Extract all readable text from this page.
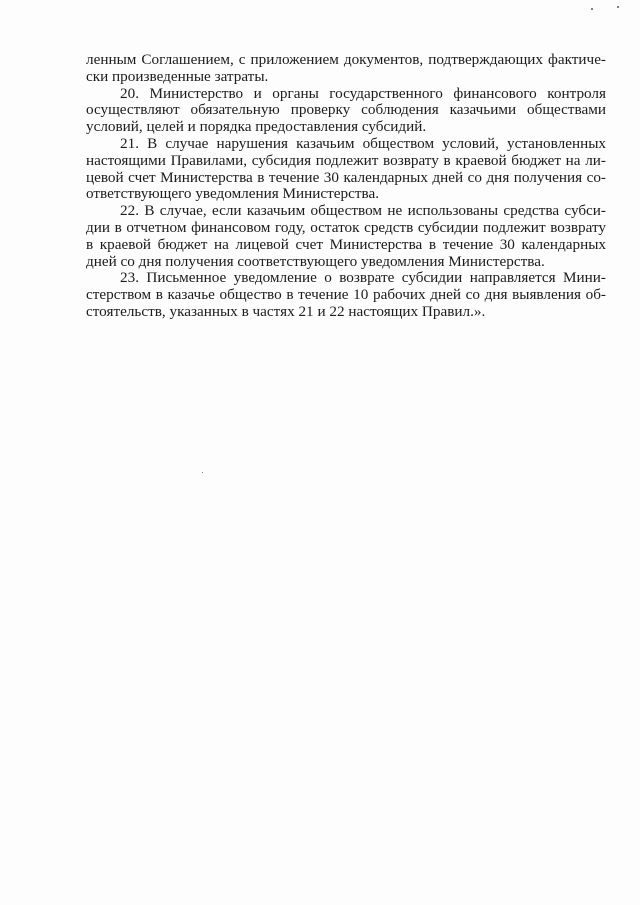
ленным Соглашением, с приложением документов, подтверждающих фактиче-
ски произведенные затраты.

20. Министерство и органы государственного финансового контроля
осуществляют обязательную проверку соблюдения казачьими обществами
условий, целей и порядка предоставления субсидий.

21. В случае нарушения казачьим обществом условий, установленных
настоящими Правилами, субсидия подлежит возврату в краевой бюджет на ли-
цевой счет Министерства в течение 30 календарных дней со дня получения со-
ответствующего уведомления Министерства.

22. В случае, если казачьим обществом не использованы средства субси-
дии в отчетном финансовом году, остаток средств субсидии подлежит возврату
в краевой бюджет на лицевой счет Министерства в течение 30 календарных
дней со дня получения соответствующего уведомления Министерства.

23. Письменное уведомление о возврате субсидии направляется Мини-
стерством в казачье общество в течение 10 рабочих дней со дня выявления об-
стоятельств, указанных в частях 21 и 22 настоящих Правил.».
